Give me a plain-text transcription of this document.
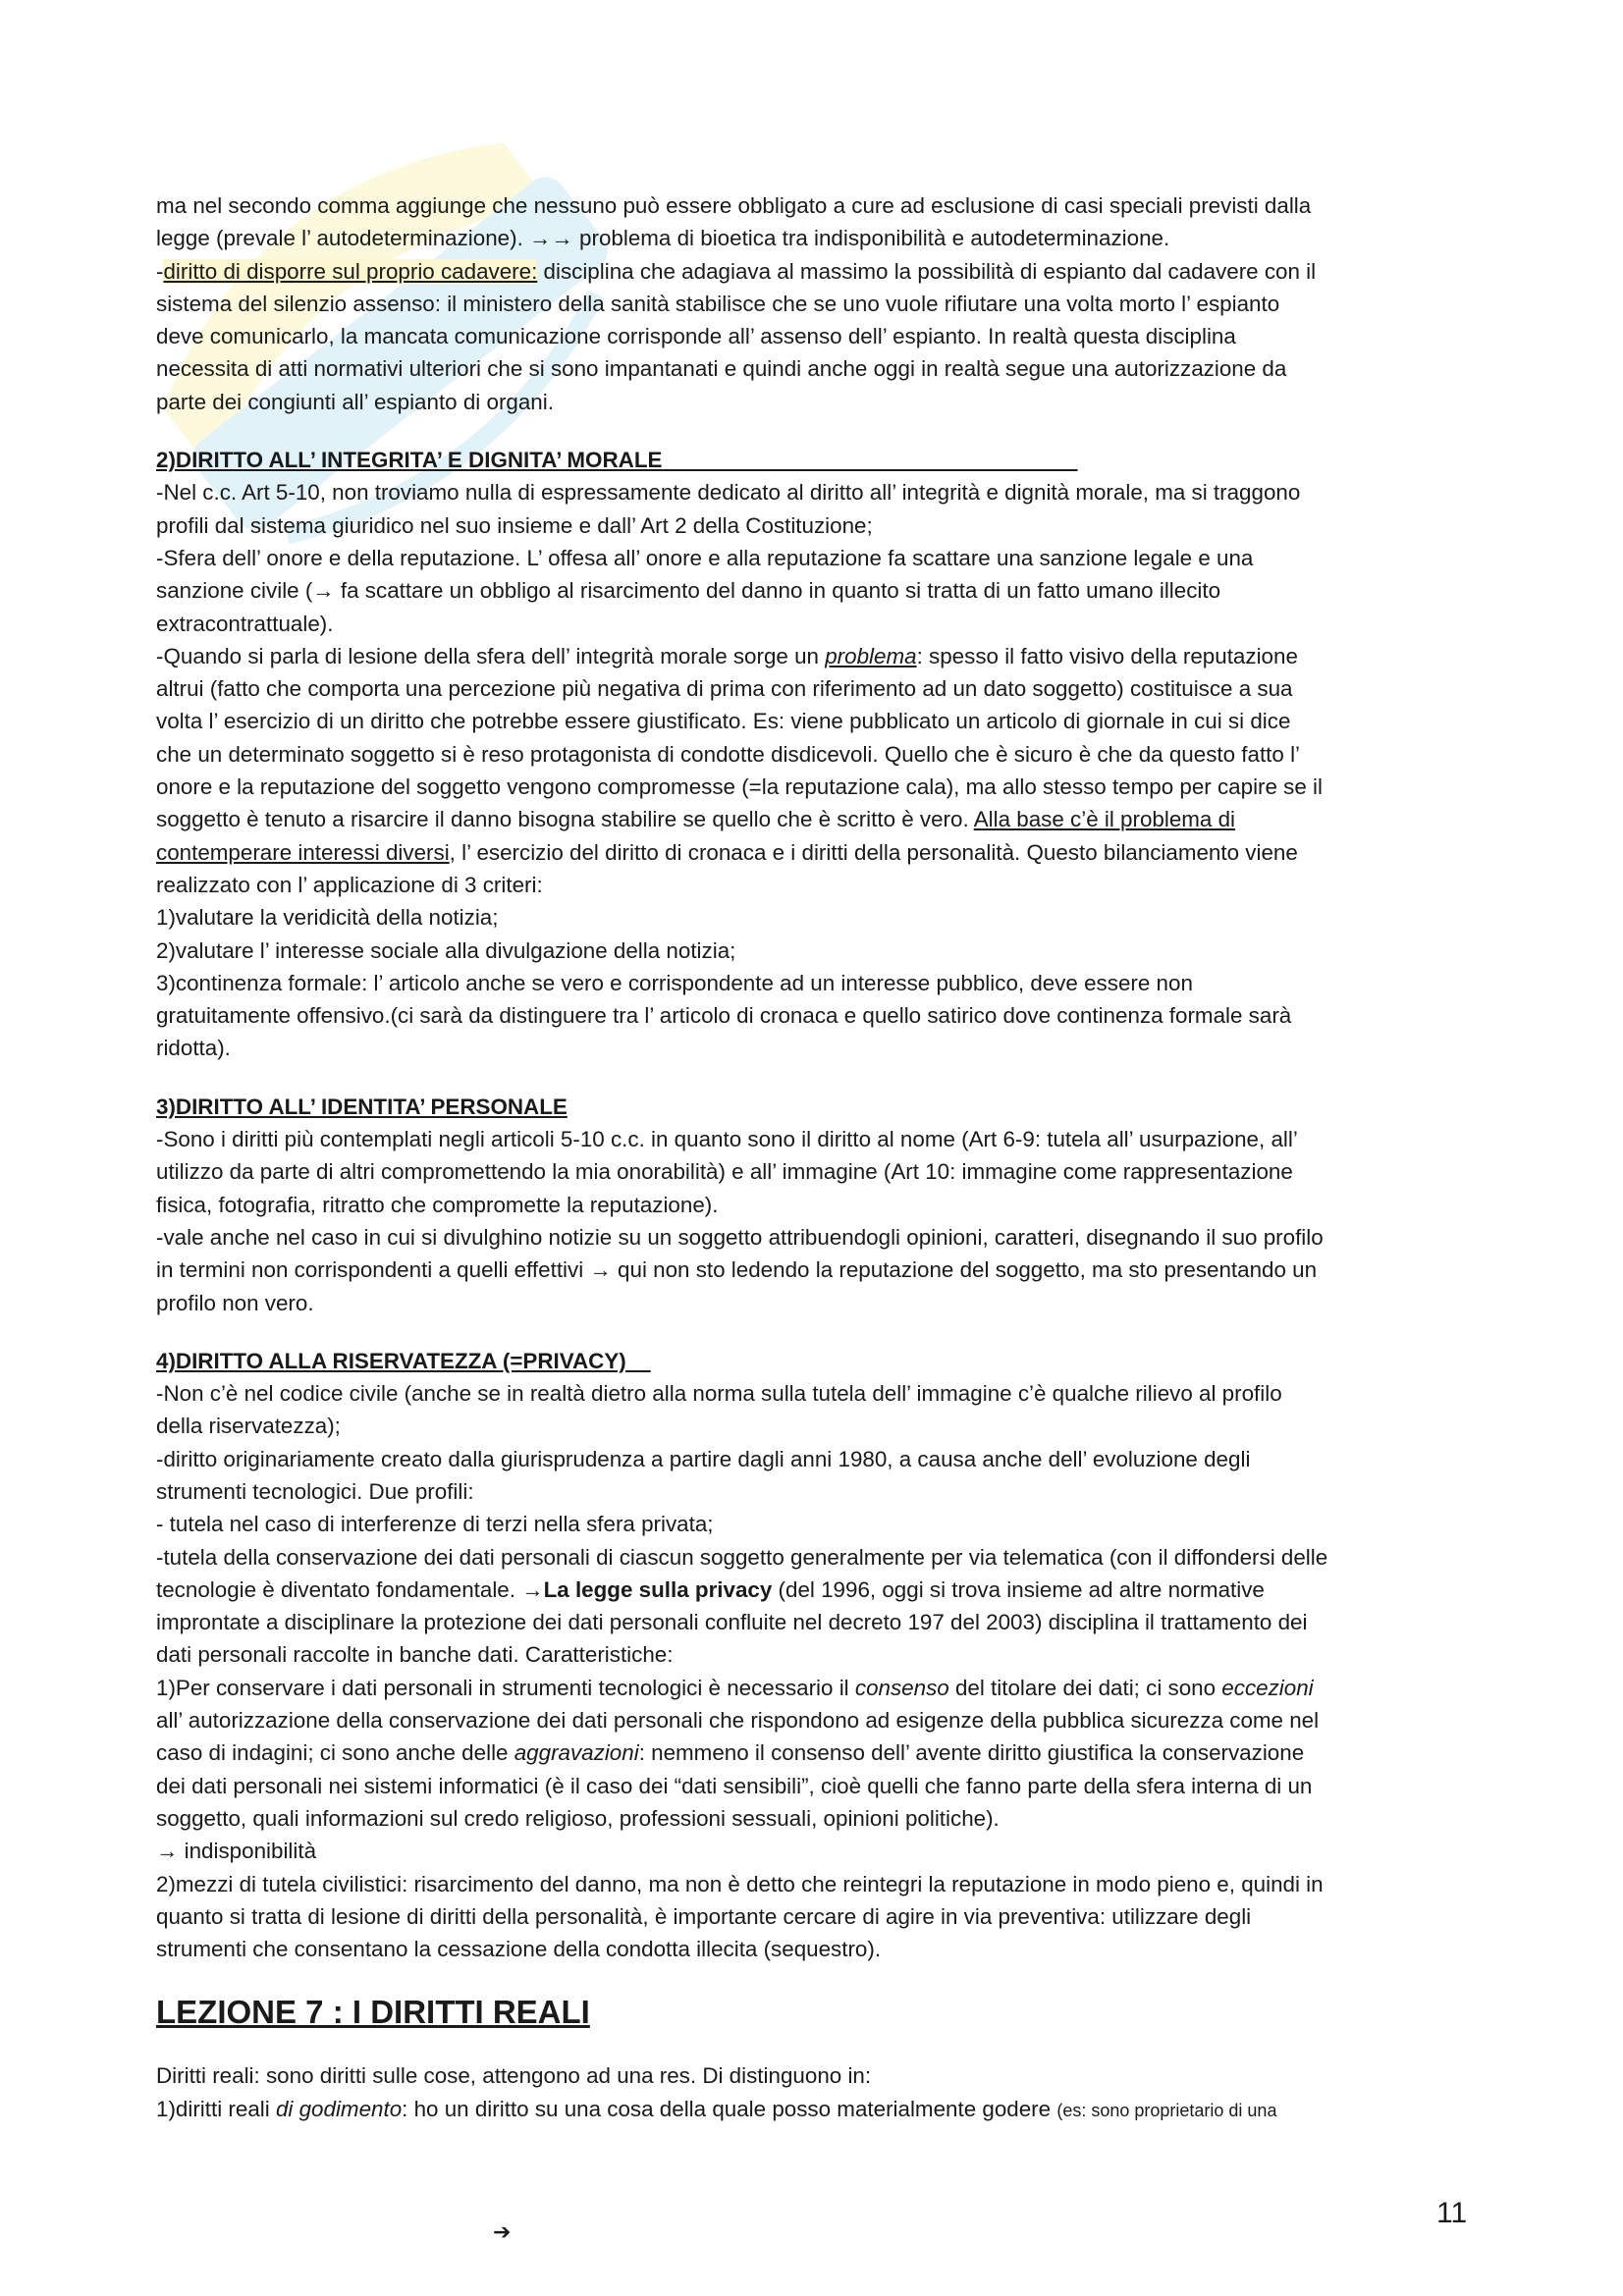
ma nel secondo comma aggiunge che nessuno può essere obbligato a cure ad esclusione di casi speciali previsti dalla

legge (prevale l’ autodeterminazione). →→ problema di bioetica tra indisponibilità e autodeterminazione.

-diritto di disporre sul proprio cadavere: disciplina che adagiava al massimo la possibilità di espianto dal cadavere con il

sistema del silenzio assenso: il ministero della sanità stabilisce che se uno vuole rifiutare una volta morto l’ espianto

deve comunicarlo, la mancata comunicazione corrisponde all’ assenso dell’ espianto. In realtà questa disciplina

necessita di atti normativi ulteriori che si sono impantanati e quindi anche oggi in realtà segue una autorizzazione da

parte dei congiunti all’ espianto di organi.

2)DIRITTO ALL’ INTEGRITA’ E DIGNITA’ MORALE

-Nel c.c. Art 5-10, non troviamo nulla di espressamente dedicato al diritto all’ integrità e dignità morale, ma si traggono

profili dal sistema giuridico nel suo insieme e dall’ Art 2 della Costituzione;

-Sfera dell’ onore e della reputazione. L’ offesa all’ onore e alla reputazione fa scattare una sanzione legale e una

sanzione civile (→ fa scattare un obbligo al risarcimento del danno in quanto si tratta di un fatto umano illecito

extracontrattuale).

-Quando si parla di lesione della sfera dell’ integrità morale sorge un problema: spesso il fatto visivo della reputazione

altrui (fatto che comporta una percezione più negativa di prima con riferimento ad un dato soggetto) costituisce a sua

volta l’ esercizio di un diritto che potrebbe essere giustificato. Es: viene pubblicato un articolo di giornale in cui si dice

che un determinato soggetto si è reso protagonista di condotte disdicevoli. Quello che è sicuro è che da questo fatto l’

onore e la reputazione del soggetto vengono compromesse (=la reputazione cala), ma allo stesso tempo per capire se il

soggetto è tenuto a risarcire il danno bisogna stabilire se quello che è scritto è vero. Alla base c’è il problema di

contemperare interessi diversi, l’ esercizio del diritto di cronaca e i diritti della personalità. Questo bilanciamento viene

realizzato con l’ applicazione di 3 criteri:

1)valutare la veridicità della notizia;

2)valutare l’ interesse sociale alla divulgazione della notizia;

3)continenza formale: l’ articolo anche se vero e corrispondente ad un interesse pubblico, deve essere non

gratuitamente offensivo.(ci sarà da distinguere tra l’ articolo di cronaca e quello satirico dove continenza formale sarà

ridotta).

3)DIRITTO ALL’ IDENTITA’ PERSONALE

-Sono i diritti più contemplati negli articoli 5-10 c.c. in quanto sono il diritto al nome (Art 6-9: tutela all’ usurpazione, all’

utilizzo da parte di altri compromettendo la mia onorabilità) e all’ immagine (Art 10: immagine come rappresentazione

fisica, fotografia, ritratto che compromette la reputazione).

-vale anche nel caso in cui si divulghino notizie su un soggetto attribuendogli opinioni, caratteri, disegnando il suo profilo

in termini non corrispondenti a quelli effettivi → qui non sto ledendo la reputazione del soggetto, ma sto presentando un

profilo non vero.

4)DIRITTO ALLA RISERVATEZZA (=PRIVACY)

-Non c’è nel codice civile (anche se in realtà dietro alla norma sulla tutela dell’ immagine c’è qualche rilievo al profilo

della riservatezza);

-diritto originariamente creato dalla giurisprudenza a partire dagli anni 1980, a causa anche dell’ evoluzione degli

strumenti tecnologici. Due profili:

- tutela nel caso di interferenze di terzi nella sfera privata;

-tutela della conservazione dei dati personali di ciascun soggetto generalmente per via telematica (con il diffondersi delle

tecnologie è diventato fondamentale. →La legge sulla privacy (del 1996, oggi si trova insieme ad altre normative

improntate a disciplinare la protezione dei dati personali confluite nel decreto 197 del 2003) disciplina il trattamento dei

dati personali raccolte in banche dati. Caratteristiche:

1)Per conservare i dati personali in strumenti tecnologici è necessario il consenso del titolare dei dati; ci sono eccezioni

all’ autorizzazione della conservazione dei dati personali che rispondono ad esigenze della pubblica sicurezza come nel

caso di indagini; ci sono anche delle aggravazioni: nemmeno il consenso dell’ avente diritto giustifica la conservazione

dei dati personali nei sistemi informatici (è il caso dei “dati sensibili”, cioè quelli che fanno parte della sfera interna di un

soggetto, quali informazioni sul credo religioso, professioni sessuali, opinioni politiche).

→ indisponibilità

2)mezzi di tutela civilistici: risarcimento del danno, ma non è detto che reintegri la reputazione in modo pieno e, quindi in

quanto si tratta di lesione di diritti della personalità, è importante cercare di agire in via preventiva: utilizzare degli

strumenti che consentano la cessazione della condotta illecita (sequestro).

LEZIONE 7 : I DIRITTI REALI

Diritti reali: sono diritti sulle cose, attengono ad una res. Di distinguono in:

1)diritti reali di godimento: ho un diritto su una cosa della quale posso materialmente godere (es: sono proprietario di una

➔
11
